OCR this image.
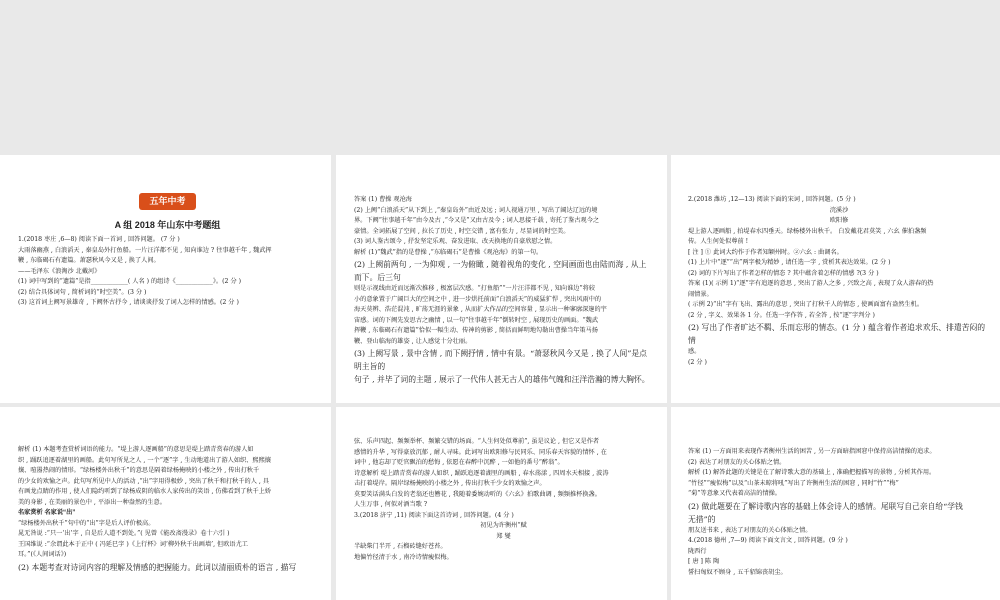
五年中考
A 组 2018 年山东中考题组

1.(2018 枣庄 ,6—8) 阅读下面一首词 , 回答问题。 (7 分 )

大雨落幽燕 , 白浪滔天 , 秦皇岛外打鱼船。一片汪洋都不见 , 知向谁边 ? 往事越千年 , 魏武挥

鞭 , 东临碣石有遗篇。萧瑟秋风今又是 , 换了人间。

——毛泽东《浪淘沙 北戴河》

(1) 词中写到的“遗篇”是指____________( 人名 ) 的组诗《____________》。(2 分 )

(2) 结合具体词句 , 简析词的“时空美”。(3 分 )

(3) 这首词上阙写景雄奇 , 下阙怀古抒今 , 请谈谈抒发了词人怎样的情感。(2 分 )

答案 (1) 曹操 观沧海

(2) 上阙“白浪滔天”从下到上 ,“秦皇岛外”由近及远 ; 词人视通万里 , 写出了阔达辽远的境

界。下阙“往事越千年”由今及古 ,“今又是”又由古及今 ; 词人思接千载 , 寄托了鉴古观今之

豪情。全词拓展了空间 , 拉长了历史 , 时空交错 , 富有张力 , 尽显词的时空美。

(3) 词人鉴古颂今 , 抒发坚定乐观、奋发进取、改天换地的自豪欣慰之情。

解析 (1)“魏武”指的是曹操 ,“东临碣石”是曹操《观沧海》的第一句。

(2) 上阙前两句 , 一为仰观 , 一为俯瞰 , 随着视角的变化 , 空间画面也由陆而海 , 从上

而下。后三句

则是示视线由近而远渐次推移 , 极富层次感。“打鱼船”“一片汪洋都不见 , 知向谁边”将较

小的意象置于广阔巨大的空间之中 , 进一步烘托前面“白浪滔天”的威猛犷悍 , 突出风雨中的

海天莫辨、浩茫混沌 , 旷荡无涯的景象 , 从而扩大作品的空间容量 , 显示出一种寥廓深邃的宇

宙感。词的下阙先发思古之幽情 , 以一句“往事越千年”倒转时空 , 展现历史的画面。“魏武

挥鞭 , 东临碣石有遗篇”恰似一幅生动、传神的剪影 , 简括而鲜明地勾勒出曹操当年策马扬

鞭、登山临海的雄姿 , 让人感觉十分壮丽。

(3) 上阙写景 , 景中含情 , 而下阙抒情 , 情中有景。“萧瑟秋风今又是 , 换了人间”是点明主旨的

句子 , 并毕了词的主题 , 展示了一代伟人甚无古人的雄伟气魄和汪洋浩瀚的博大胸怀。

2.(2018 潍坊 ,12—13) 阅读下面的宋词 , 回答问题。(5 分 )

浣溪沙

欧阳修

堤上游人逐画船 , 拍堤春水四垂天。绿杨楼外出秋千。 白发戴花君莫笑 , 六幺 催拍盏频

传。人生何处似尊前 !

[ 注 ] ① 此词大约作于作者知颖州时。②六幺 : 曲调名。

(1) 上片中“逐”“出”两字极为精妙 , 请任选一字 , 赏析其表达效果。(2 分 )

(2) 词的下片写出了作者怎样的情态 ? 其中蕴含着怎样的情感 ?(3 分 )

答案 (1)( 示例 1)“逐”字有追逐的意思 , 突出了游人之多 , 兴致之高 , 表现了众人游春的热

闹情景。

( 示例 2)“出”字有飞出、露出的意思 , 突出了打秋千人的情态 , 使画面富有盎然生机。

(2 分 , 字义、效果各 1 分。任选一字作答 , 若全答 , 按“逐”字判分 )

(2) 写出了作者旷达不羁、乐而忘形的情态。(1 分 ) 蕴含着作者追求欢乐、排遣苦闷的情

感。

(2 分 )

解析 (1) 本题考查赏析词语的能力。“堤上游人逐画船”的意思是堤上踏青赏春的游人如

织 , 踊跃追逐着湖里的画船。此句写所见之人 , 一个“逐”字 , 生动地道出了游人如织、熙熙攘

攘、喧嚣热闹的情形。“绿杨楼外出秋千”的意思是隔着绿杨掩映的小楼之外 , 传出打秋千

的少女的欢愉之声。此句写所见中人的活动 ,“出”字用得极妙 , 突出了秋千和打秋千的人 , 具

有画龙点睛的作用 , 使人们隐约听到了绿杨成阴的临水人家传出的笑语 , 仿佛看到了秋千上娇

美的身影 , 在美丽的景色中 , 平添出一种盎然的生意。

名家赏析 名家说“出”

“绿杨楼外出秋千”句中的“出”字是后人评价极高。

晁无咎说 :“只一‘出’字 , 自是后人道不到处。”( 见曾《能改斋漫录》卷十六引 )

王国维说 :“余谓此本于正中 ( 冯延巳字 )《上行杯》词‘柳外秋千出画墙’, 但欧语尤工

耳。”(《人间词话》)

(2) 本题考查对诗词内容的理解及情感的把握能力。此词以清丽质朴的语言 , 描写

弦、乐声四起、频频举杯、频繁交错的场面。“人生何处似尊前”, 虽是议论 , 但它又是作者

感情的升华 , 写得豪放沉郁 , 耐人寻味。此词写出欧阳修与民同乐、同乐春天容貌的情怀 , 在

词中 , 他忘却了贬官飘泊的愁悔 , 依愿在春醉中沉醉 , 一如他的番号“醉翁”。

诗意解析 堤上踏青赏春的游人如织 , 踊跃追逐着湖里的画船 , 春水荡漾 , 四周水天相接 , 波涛

击打着堤岸。隔岸绿杨掩映的小楼之外 , 传出打秋千少女的欢愉之声。

莫要笑话满头白发的老翁还也簪花 , 我随着委婉动听的《六幺》拍歌曲调 , 频频推杯换盏。

人生万事 , 何似对酒当歌 ?

3.(2018 济宁 ,11) 阅读下面这首诗词 , 回答问题。(4 分 )

初见为许衡州“赋

郑 燮

半缺柴门半开 , 石榴砖缝好苍苔。

地偏竹径清于水 , 南冷诗情瘦似梅。

答案 (1) 一方面用来表现作者衡州生活的困苦 , 另一方面暗指困窘中保持高洁情操的追求。

(2) 表达了对朋友的关心体贴之情。

解析 (1) 解答此题的关键是在了解诗歌大意的基础上 , 准确把握描写的景物 , 分析其作用。

“竹径”“瘦似梅”以及“山茶未晾将吼”写出了许衡州生活的困窘 , 同时“竹”“梅”

“菊”等意象又代表着高洁的情操。

(2) 做此题要在了解诗歌内容的基础上体会诗人的感情。尾联写自己亲自给“学钱

无措”的

朋友送书来 , 表达了对朋友的关心体贴之情。

4.(2018 德州 ,7—9) 阅读下面文言文 , 回答问题。(9 分 )

陇西行

[ 唐 ] 陈 陶

誓扫匈奴不顾身 , 五千貂锦丧胡尘。
